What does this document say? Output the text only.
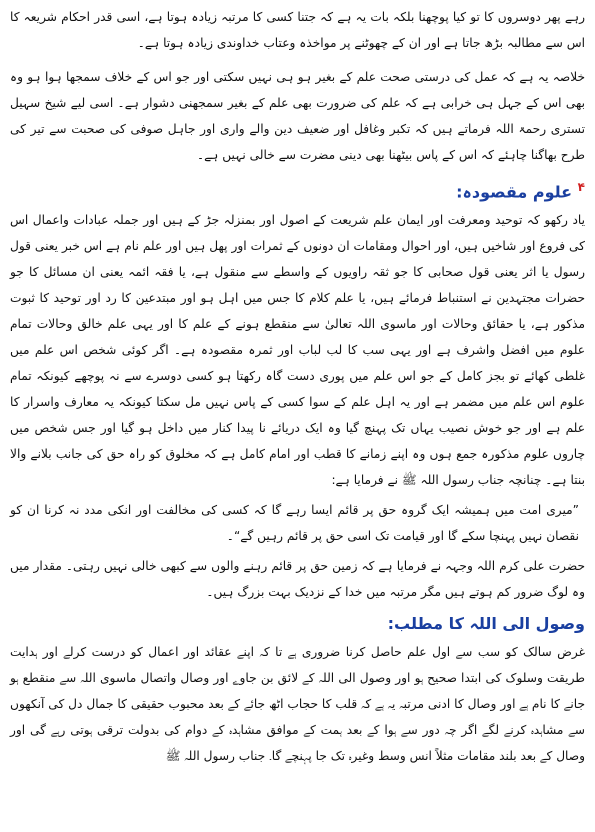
رہے پھر دوسروں کا تو کیا پوچھنا بلکہ بات یہ ہے کہ جتنا کسی کا مرتبہ زیادہ ہوتا ہے، اسی قدر احکام شریعہ کا اس سے مطالبہ بڑھ جاتا ہے اور ان کے چھوٹنے پر مواخذہ وعتاب خداوندی زیادہ ہوتا ہے۔

خلاصہ یہ ہے کہ عمل کی درستی صحت علم کے بغیر ہو ہی نہیں سکتی اور جو اس کے خلاف سمجھا ہوا ہو وہ بھی اس کے جہل ہی خرابی ہے کہ علم کی ضرورت بھی علم کے بغیر سمجھنی دشوار ہے۔ اسی لیے شیخ سہیل تستری رحمۃ اللہ فرماتے ہیں کہ تکبر وغافل اور ضعیف دین والے واری اور جاہل صوفی کی صحبت سے تیر کی طرح بھاگنا چاہئے کہ اس کے پاس بیٹھنا بھی دینی مضرت سے خالی نہیں ہے۔

$^۴$ علوم مقصودہ:

یاد رکھو کہ توحید ومعرفت اور ایمان علم شریعت کے اصول اور بمنزلہ جڑ کے ہیں اور جملہ عبادات واعمال اس کی فروع اور شاخیں ہیں، اور احوال ومقامات ان دونوں کے ثمرات اور پھل ہیں اور علم نام ہے اس خبر یعنی قول رسول یا اثر یعنی قول صحابی کا جو ثقہ راویوں کے واسطے سے منقول ہے، یا فقہ ائمہ یعنی ان مسائل کا جو حضرات مجتہدین نے استنباط فرمائے ہیں، یا علم کلام کا جس میں اہل ہو اور مبتدعین کا رد اور توحید کا ثبوت مذکور ہے، یا حقائق وحالات اور ماسوی اللہ تعالیٰ سے منقطع ہونے کے علم کا اور یہی علم خالق وحالات تمام علوم میں افضل واشرف ہے اور یہی سب کا لب لباب اور ثمرہ مقصودہ ہے۔ اگر کوئی شخص اس علم میں غلطی کھائے تو بجز کامل کے جو اس علم میں پوری دست گاہ رکھتا ہو کسی دوسرے سے نہ پوچھے کیونکہ تمام علوم اس علم میں مضمر ہے اور یہ اہل علم کے سوا کسی کے پاس نہیں مل سکتا کیونکہ یہ معارف واسرار کا علم ہے اور جو خوش نصیب یہاں تک پہنچ گیا وہ ایک دریائے نا پیدا کنار میں داخل ہو گیا اور جس شخص میں چاروں علوم مذکورہ جمع ہوں وہ اپنے زمانے کا قطب اور امام کامل ہے کہ مخلوق کو راہ حق کی جانب بلانے والا بنتا ہے۔ چنانچہ جناب رسول اللہ ﷺ نے فرمایا ہے:

”میری امت میں ہمیشہ ایک گروہ حق پر قائم ایسا رہے گا کہ کسی کی مخالفت اور انکی مدد نہ کرنا ان کو نقصان نہیں پہنچا سکے گا اور قیامت تک اسی حق پر قائم رہیں گے“۔

حضرت علی کرم اللہ وجہہ نے فرمایا ہے کہ زمین حق پر قائم رہنے والوں سے کبھی خالی نہیں رہتی۔ مقدار میں وہ لوگ ضرور کم ہوتے ہیں مگر مرتبہ میں خدا کے نزدیک بہت بزرگ ہیں۔

وصول الی اللہ کا مطلب:

غرض سالک کو سب سے اول علم حاصل کرنا ضروری ہے تا کہ اپنے عقائد اور اعمال کو درست کرلے اور ہدایت طریقت وسلوک کی ابتدا صحیح ہو اور وصول الی اللہ کے لائق بن جاوے اور وصال واتصال ماسوی اللہ سے منقطع ہو جانے کا نام ہے اور وصال کا ادنی مرتبہ یہ ہے کہ قلب کا حجاب اٹھ جائے کے بعد محبوب حقیقی کا جمال دل کی آنکھوں سے مشاہدہ کرنے لگے اگر چہ دور سے ہوا کے بعد ہمت کے موافق مشاہدہ کے دوام کی بدولت ترقی ہوتی رہے گی اور وصال کے بعد بلند مقامات مثلاً انس وسط وغیرہ تک جا پہنچے گا۔ جناب رسول اللہ ﷺ
